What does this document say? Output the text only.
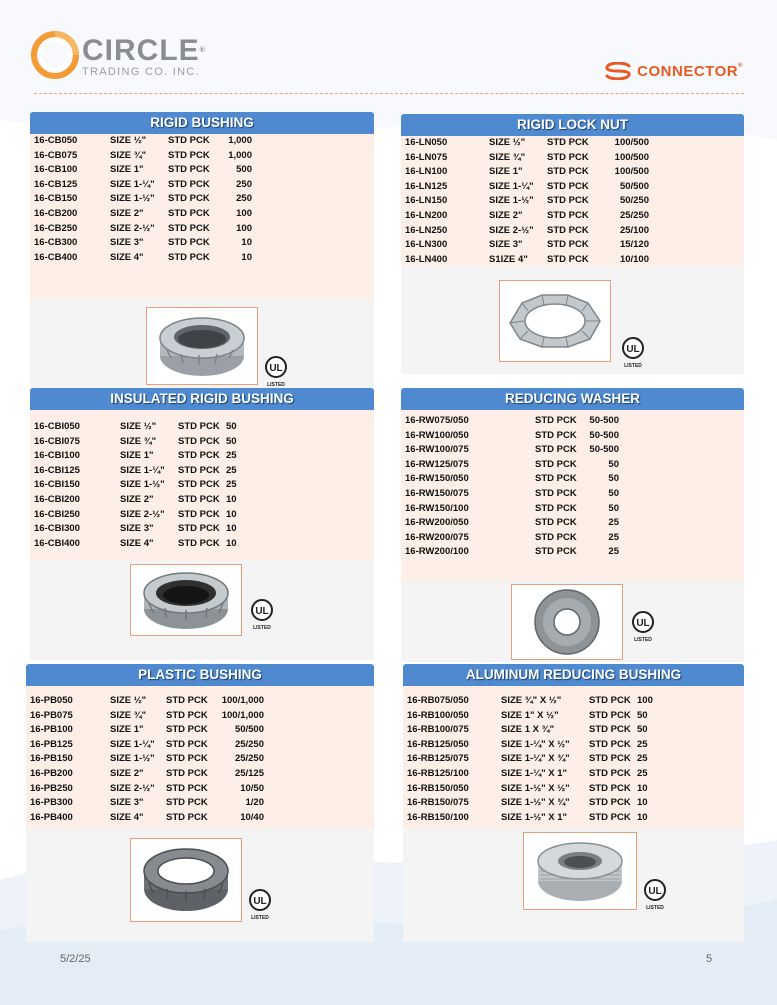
CIRCLE®
TRADING CO. INC.	CONNECTOR®
RIGID BUSHING
16-CB050	SIZE ½"	STD PCK	1,000
16-CB075	SIZE ¾"	STD PCK	1,000
16-CB100	SIZE 1"	STD PCK	500
16-CB125	SIZE 1-¼"	STD PCK	250
16-CB150	SIZE 1-½"	STD PCK	250
16-CB200	SIZE 2"	STD PCK	100
16-CB250	SIZE 2-½"	STD PCK	100
16-CB300	SIZE 3"	STD PCK	10
16-CB400	SIZE 4"	STD PCK	10
UL
LISTED
RIGID LOCK NUT
16-LN050	SIZE ½"	STD PCK	100/500
16-LN075	SIZE ¾"	STD PCK	100/500
16-LN100	SIZE 1"	STD PCK	100/500
16-LN125	SIZE 1-¼"	STD PCK	50/500
16-LN150	SIZE 1-½"	STD PCK	50/250
16-LN200	SIZE 2"	STD PCK	25/250
16-LN250	SIZE 2-½"	STD PCK	25/100
16-LN300	SIZE 3"	STD PCK	15/120
16-LN400	S1IZE 4"	STD PCK	10/100
UL
LISTED
INSULATED RIGID BUSHING
16-CBI050	SIZE ½"	STD PCK 50
16-CBI075	SIZE ¾"	STD PCK 50
16-CBI100	SIZE 1"	STD PCK 25
16-CBI125	SIZE 1-¼"	STD PCK 25
16-CBI150	SIZE 1-½"	STD PCK 25
16-CBI200	SIZE 2"	STD PCK 10
16-CBI250	SIZE 2-½"	STD PCK 10
16-CBI300	SIZE 3"	STD PCK 10
16-CBI400	SIZE 4"	STD PCK 10
UL
LISTED
REDUCING WASHER
16-RW075/050	STD PCK	50-500
16-RW100/050	STD PCK	50-500
16-RW100/075	STD PCK	50-500
16-RW125/075	STD PCK	50
16-RW150/050	STD PCK	50
16-RW150/075	STD PCK	50
16-RW150/100	STD PCK	50
16-RW200/050	STD PCK	25
16-RW200/075	STD PCK	25
16-RW200/100	STD PCK	25
UL
LISTED
PLASTIC BUSHING
16-PB050	SIZE ½"	STD PCK	100/1,000
16-PB075	SIZE ¾"	STD PCK	100/1,000
16-PB100	SIZE 1"	STD PCK	50/500
16-PB125	SIZE 1-¼"	STD PCK	25/250
16-PB150	SIZE 1-½"	STD PCK	25/250
16-PB200	SIZE 2"	STD PCK	25/125
16-PB250	SIZE 2-½"	STD PCK	10/50
16-PB300	SIZE 3"	STD PCK	1/20
16-PB400	SIZE 4"	STD PCK	10/40
UL
LISTED
ALUMINUM REDUCING BUSHING
16-RB075/050	SIZE ¾" X ½"	STD PCK 100
16-RB100/050	SIZE 1" X ½"	STD PCK 50
16-RB100/075	SIZE 1 X ¾"	STD PCK 50
16-RB125/050	SIZE 1-¼" X ½"	STD PCK 25
16-RB125/075	SIZE 1-¼" X ¾"	STD PCK 25
16-RB125/100	SIZE 1-¼" X 1"	STD PCK 25
16-RB150/050	SIZE 1-½" X ½"	STD PCK 10
16-RB150/075	SIZE 1-½" X ¾"	STD PCK 10
16-RB150/100	SIZE 1-½" X 1"	STD PCK 10
UL
LISTED
5/2/25	5
